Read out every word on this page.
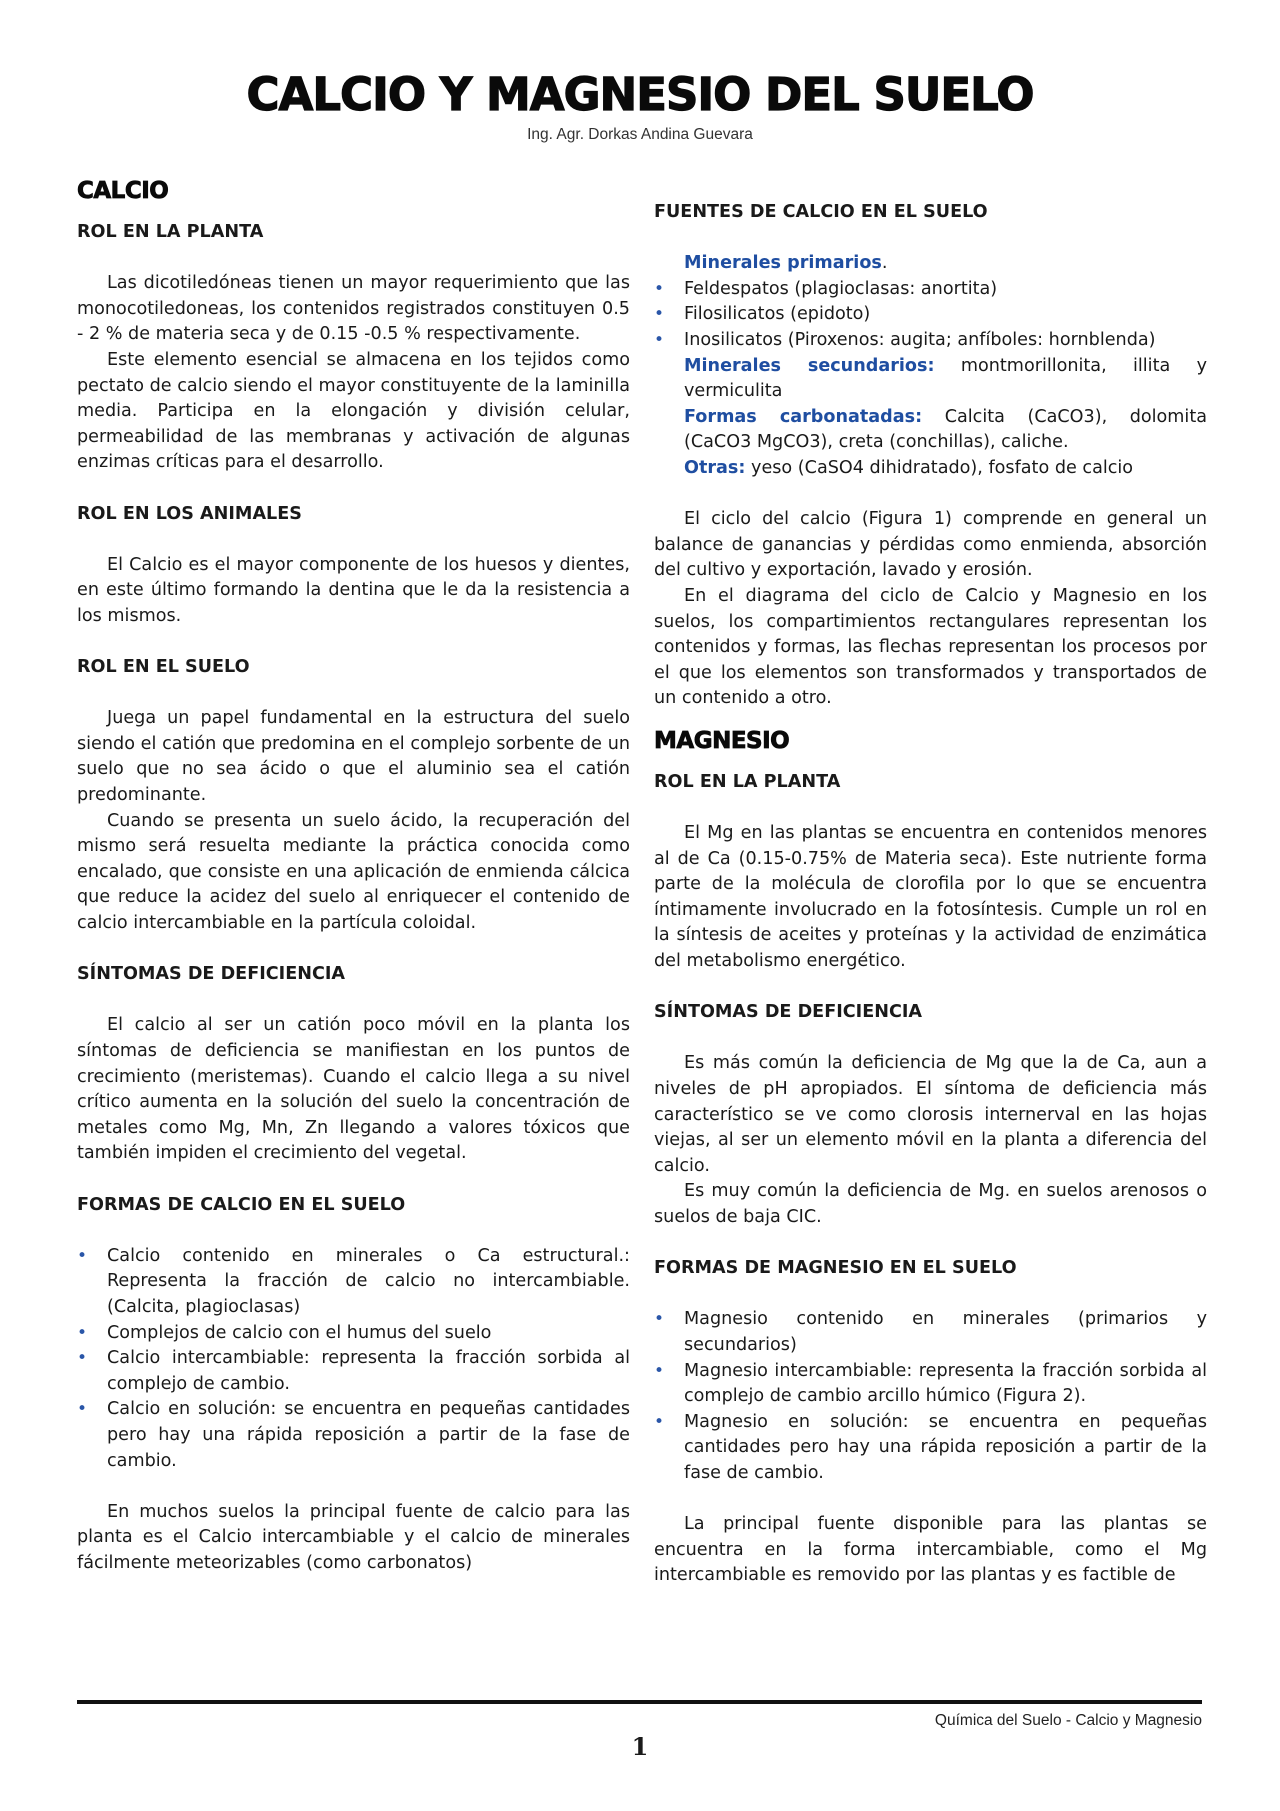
CALCIO Y MAGNESIO DEL SUELO
Ing. Agr. Dorkas Andina Guevara
CALCIO
ROL EN LA PLANTA

Las dicotiledóneas tienen un mayor requerimiento que las monocotiledoneas, los contenidos registrados constituyen 0.5 - 2 % de materia seca y de 0.15 -0.5 % respectivamente.

Este elemento esencial se almacena en los tejidos como pectato de calcio siendo el mayor constituyente de la laminilla media. Participa en la elongación y división celular, permeabilidad de las membranas y activación de algunas enzimas críticas para el desarrollo.

ROL EN LOS ANIMALES

El Calcio es el mayor componente de los huesos y dientes, en este último formando la dentina que le da la resistencia a los mismos.

ROL EN EL SUELO

Juega un papel fundamental en la estructura del suelo siendo el catión que predomina en el complejo sorbente de un suelo que no sea ácido o que el aluminio sea el catión predominante.

Cuando se presenta un suelo ácido, la recuperación del mismo será resuelta mediante la práctica conocida como encalado, que consiste en una aplicación de enmienda cálcica que reduce la acidez del suelo al enriquecer el contenido de calcio intercambiable en la partícula coloidal.

SÍNTOMAS DE DEFICIENCIA

El calcio al ser un catión poco móvil en la planta los síntomas de deficiencia se manifiestan en los puntos de crecimiento (meristemas). Cuando el calcio llega a su nivel crítico aumenta en la solución del suelo la concentración de metales como Mg, Mn, Zn llegando a valores tóxicos que también impiden el crecimiento del vegetal.

FORMAS DE CALCIO EN EL SUELO
• Calcio contenido en minerales o Ca estructural.: Representa la fracción de calcio no intercambiable. (Calcita, plagioclasas)
• Complejos de calcio con el humus del suelo
• Calcio intercambiable: representa la fracción sorbida al complejo de cambio.
• Calcio en solución: se encuentra en pequeñas cantidades pero hay una rápida reposición a partir de la fase de cambio.

En muchos suelos la principal fuente de calcio para las planta es el Calcio intercambiable y el calcio de minerales fácilmente meteorizables (como carbonatos)

FUENTES DE CALCIO EN EL SUELO
Minerales primarios.
• Feldespatos (plagioclasas: anortita)
• Filosilicatos (epidoto)
• Inosilicatos (Piroxenos: augita; anfíboles: hornblenda)

Minerales secundarios: montmorillonita, illita y vermiculita

Formas carbonatadas: Calcita (CaCO3), dolomita (CaCO3 MgCO3), creta (conchillas), caliche.

Otras: yeso (CaSO4 dihidratado), fosfato de calcio

El ciclo del calcio (Figura 1) comprende en general un balance de ganancias y pérdidas como enmienda, absorción del cultivo y exportación, lavado y erosión.

En el diagrama del ciclo de Calcio y Magnesio en los suelos, los compartimientos rectangulares representan los contenidos y formas, las flechas representan los procesos por el que los elementos son transformados y transportados de un contenido a otro.

MAGNESIO
ROL EN LA PLANTA

El Mg en las plantas se encuentra en contenidos menores al de Ca (0.15-0.75% de Materia seca). Este nutriente forma parte de la molécula de clorofila por lo que se encuentra íntimamente involucrado en la fotosíntesis. Cumple un rol en la síntesis de aceites y proteínas y la actividad de enzimática del metabolismo energético.

SÍNTOMAS DE DEFICIENCIA

Es más común la deficiencia de Mg que la de Ca, aun a niveles de pH apropiados. El síntoma de deficiencia más característico se ve como clorosis internerval en las hojas viejas, al ser un elemento móvil en la planta a diferencia del calcio.

Es muy común la deficiencia de Mg. en suelos arenosos o suelos de baja CIC.

FORMAS DE MAGNESIO EN EL SUELO
• Magnesio contenido en minerales (primarios y secundarios)
• Magnesio intercambiable: representa la fracción sorbida al complejo de cambio arcillo húmico (Figura 2).
• Magnesio en solución: se encuentra en pequeñas cantidades pero hay una rápida reposición a partir de la fase de cambio.

La principal fuente disponible para las plantas se encuentra en la forma intercambiable, como el Mg intercambiable es removido por las plantas y es factible de

Química del Suelo - Calcio y Magnesio
1
